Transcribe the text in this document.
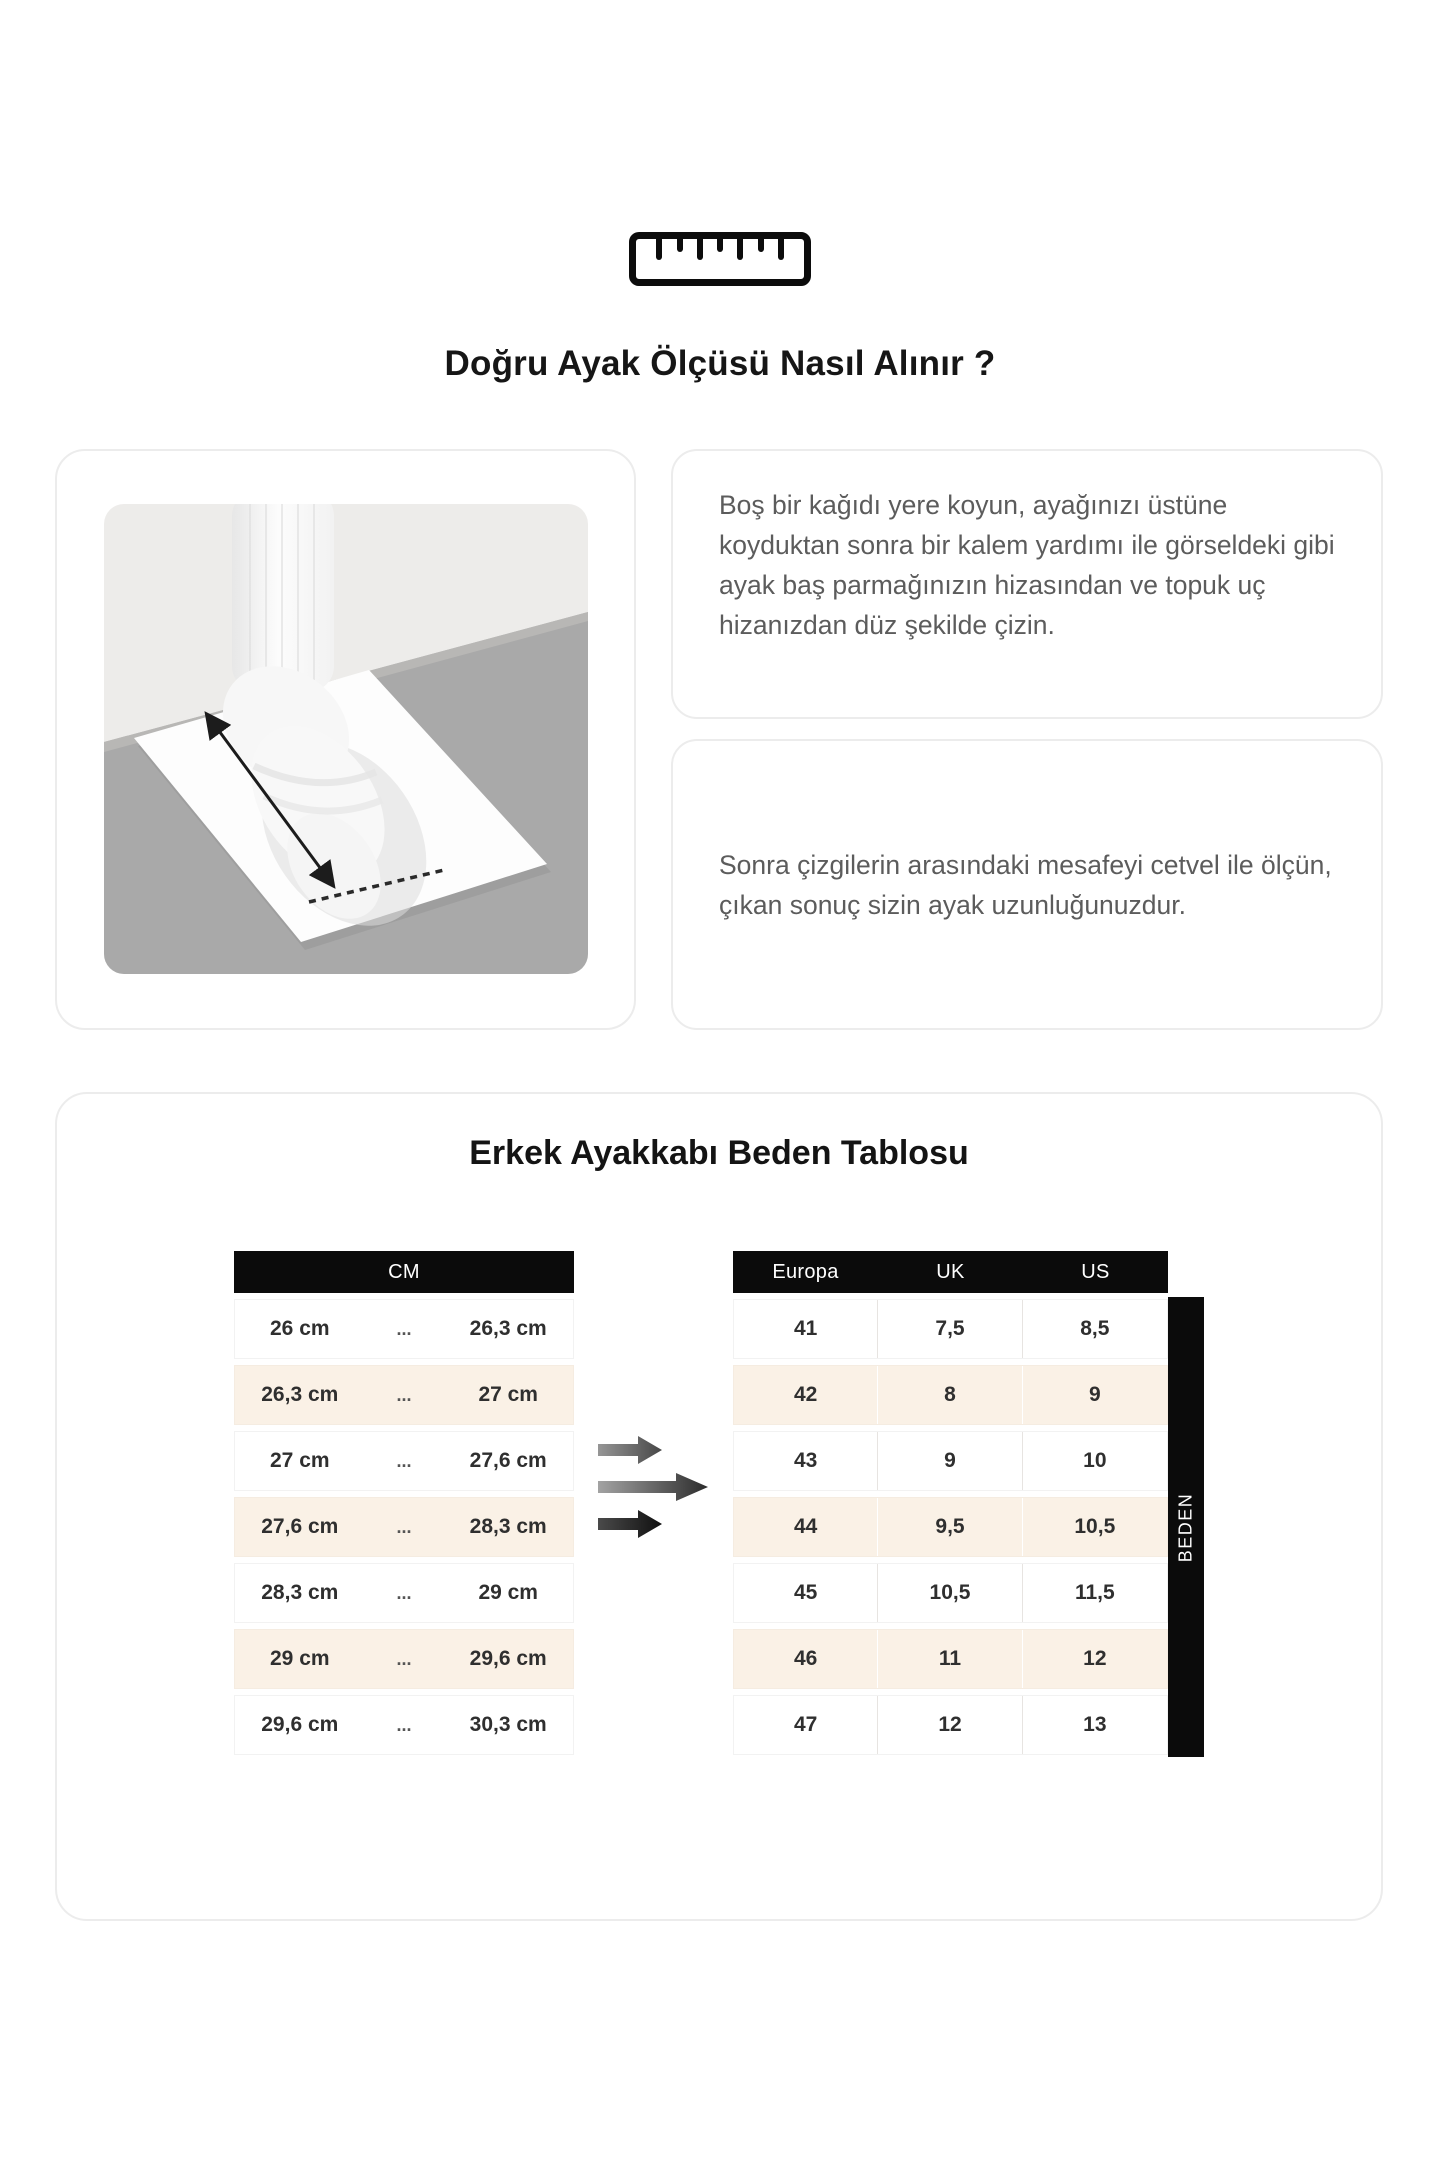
Doğru Ayak Ölçüsü Nasıl Alınır ?

Boş bir kağıdı yere koyun, ayağınızı üstüne koyduktan sonra bir kalem yardımı ile görseldeki gibi ayak baş parmağınızın hizasından ve topuk uç hizanızdan düz şekilde çizin.

Sonra çizgilerin arasındaki mesafeyi cetvel ile ölçün, çıkan sonuç sizin ayak uzunluğunuzdur.

Erkek Ayakkabı Beden Tablosu
CM
26 cm	...	26,3 cm
26,3 cm	...	27 cm
27 cm	...	27,6 cm
27,6 cm	...	28,3 cm
28,3 cm	...	29 cm
29 cm	...	29,6 cm
29,6 cm	...	30,3 cm
Europa	UK	US
41	7,5	8,5
42	8	9
43	9	10
44	9,5	10,5
45	10,5	11,5
46	11	12
47	12	13
BEDEN
